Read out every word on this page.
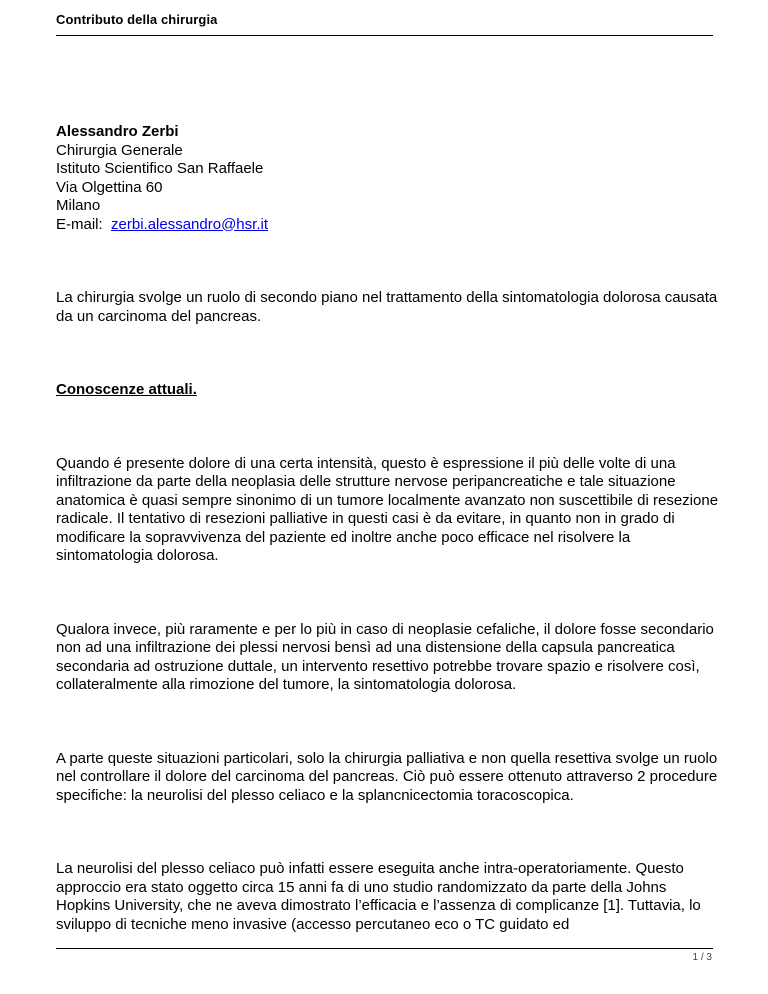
Contributo della chirurgia
Alessandro Zerbi
Chirurgia Generale
Istituto Scientifico San Raffaele
Via Olgettina 60
Milano
E-mail: zerbi.alessandro@hsr.it

La chirurgia svolge un ruolo di secondo piano nel trattamento della sintomatologia dolorosa causata da un carcinoma del pancreas.

Conoscenze attuali.

Quando é presente dolore di una certa intensità, questo è espressione il più delle volte di una infiltrazione da parte della neoplasia delle strutture nervose peripancreatiche e tale situazione anatomica è quasi sempre sinonimo di un tumore localmente avanzato non suscettibile di resezione radicale. Il tentativo di resezioni palliative in questi casi è da evitare, in quanto non in grado di modificare la sopravvivenza del paziente ed inoltre anche poco efficace nel risolvere la sintomatologia dolorosa.

Qualora invece, più raramente e per lo più in caso di neoplasie cefaliche, il dolore fosse secondario non ad una infiltrazione dei plessi nervosi bensì ad una distensione della capsula pancreatica secondaria ad ostruzione duttale, un intervento resettivo potrebbe trovare spazio e risolvere così, collateralmente alla rimozione del tumore, la sintomatologia dolorosa.

A parte queste situazioni particolari, solo la chirurgia palliativa e non quella resettiva svolge un ruolo nel controllare il dolore del carcinoma del pancreas. Ciò può essere ottenuto attraverso 2 procedure specifiche: la neurolisi del plesso celiaco e la splancnicectomia toracoscopica.

La neurolisi del plesso celiaco può infatti essere eseguita anche intra-operatoriamente. Questo approccio era stato oggetto circa 15 anni fa di uno studio randomizzato da parte della Johns Hopkins University, che ne aveva dimostrato l’efficacia e l’assenza di complicanze [1]. Tuttavia, lo sviluppo di tecniche meno invasive (accesso percutaneo eco o TC guidato ed

1 / 3
